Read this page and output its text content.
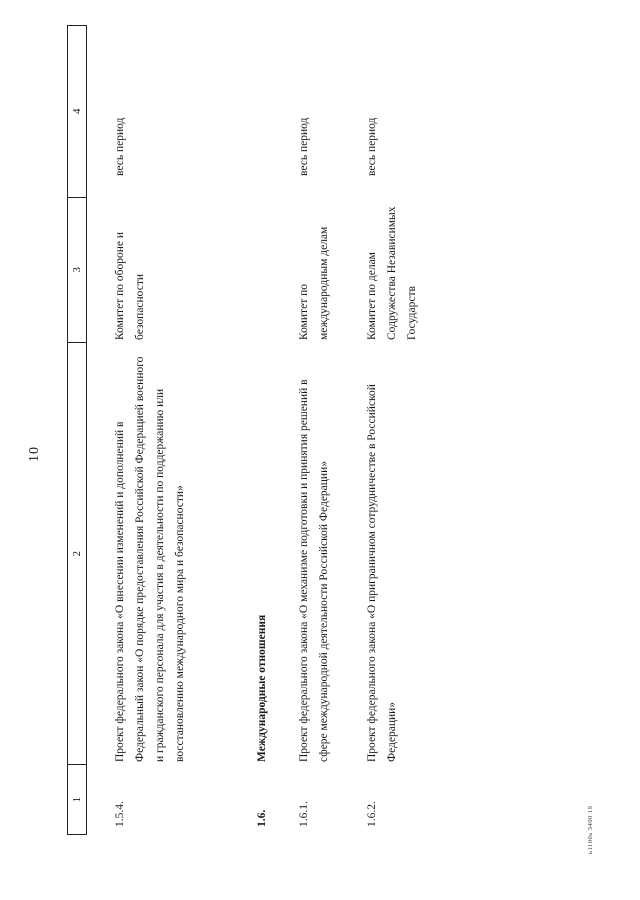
10
1
2
3
4
1.5.4.
Проект федерального закона «О внесении изменений и дополнений в Федеральный закон «О порядке предоставления Российской Федерацией военного и гражданского персонала для участия в деятельности по поддержанию или восстановлению международного мира и безопасности»
Комитет по обороне и безопасности
весь период
1.6.
Международные отношения
1.6.1.
Проект федерального закона «О механизме подготовки и принятия решений в сфере международной деятельности Российской Федерации»
Комитет по международным делам
весь период
1.6.2.
Проект федерального закона «О приграничном сотрудничестве в Российской Федерации»
Комитет по делам Содружества Независимых Государств
весь период
ь1100ь 3400 19
